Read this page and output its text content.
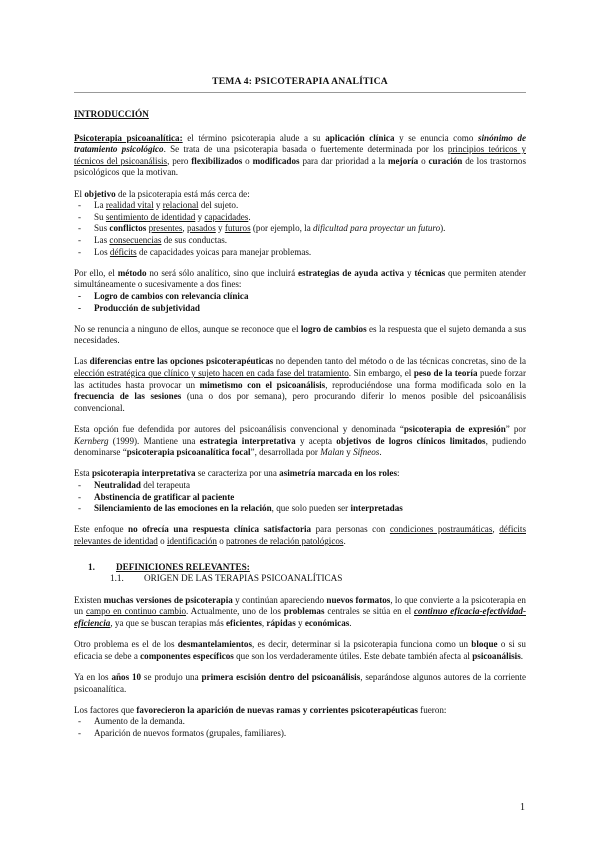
TEMA 4: PSICOTERAPIA ANALÍTICA
INTRODUCCIÓN

Psicoterapia psicoanalítica: el término psicoterapia alude a su aplicación clínica y se enuncia como sinónimo de tratamiento psicológico. Se trata de una psicoterapia basada o fuertemente determinada por los principios teóricos y técnicos del psicoanálisis, pero flexibilizados o modificados para dar prioridad a la mejoría o curación de los trastornos psicológicos que la motivan.

El objetivo de la psicoterapia está más cerca de:

- La realidad vital y relacional del sujeto.
- Su sentimiento de identidad y capacidades.
- Sus conflictos presentes, pasados y futuros (por ejemplo, la dificultad para proyectar un futuro).
- Las consecuencias de sus conductas.
- Los déficits de capacidades yoicas para manejar problemas.

Por ello, el método no será sólo analítico, sino que incluirá estrategias de ayuda activa y técnicas que permiten atender simultáneamente o sucesivamente a dos fines:

- Logro de cambios con relevancia clínica
- Producción de subjetividad

No se renuncia a ninguno de ellos, aunque se reconoce que el logro de cambios es la respuesta que el sujeto demanda a sus necesidades.

Las diferencias entre las opciones psicoterapéuticas no dependen tanto del método o de las técnicas concretas, sino de la elección estratégica que clínico y sujeto hacen en cada fase del tratamiento. Sin embargo, el peso de la teoría puede forzar las actitudes hasta provocar un mimetismo con el psicoanálisis, reproduciéndose una forma modificada solo en la frecuencia de las sesiones (una o dos por semana), pero procurando diferir lo menos posible del psicoanálisis convencional.

Esta opción fue defendida por autores del psicoanálisis convencional y denominada “psicoterapia de expresión” por Kernberg (1999). Mantiene una estrategia interpretativa y acepta objetivos de logros clínicos limitados, pudiendo denominarse “psicoterapia psicoanalítica focal”, desarrollada por Malan y Sifneos.

Esta psicoterapia interpretativa se caracteriza por una asimetría marcada en los roles:

- Neutralidad del terapeuta
- Abstinencia de gratificar al paciente
- Silenciamiento de las emociones en la relación, que solo pueden ser interpretadas

Este enfoque no ofrecía una respuesta clínica satisfactoria para personas con condiciones postraumáticas, déficits relevantes de identidad o identificación o patrones de relación patológicos.

1. DEFINICIONES RELEVANTES:
1.1. ORIGEN DE LAS TERAPIAS PSICOANALÍTICAS

Existen muchas versiones de psicoterapia y continúan apareciendo nuevos formatos, lo que convierte a la psicoterapia en un campo en continuo cambio. Actualmente, uno de los problemas centrales se sitúa en el continuo eficacia-efectividad-eficiencia, ya que se buscan terapias más eficientes, rápidas y económicas.

Otro problema es el de los desmantelamientos, es decir, determinar si la psicoterapia funciona como un bloque o si su eficacia se debe a componentes específicos que son los verdaderamente útiles. Este debate también afecta al psicoanálisis.

Ya en los años 10 se produjo una primera escisión dentro del psicoanálisis, separándose algunos autores de la corriente psicoanalítica.

Los factores que favorecieron la aparición de nuevas ramas y corrientes psicoterapéuticas fueron:

- Aumento de la demanda.
- Aparición de nuevos formatos (grupales, familiares).
1
